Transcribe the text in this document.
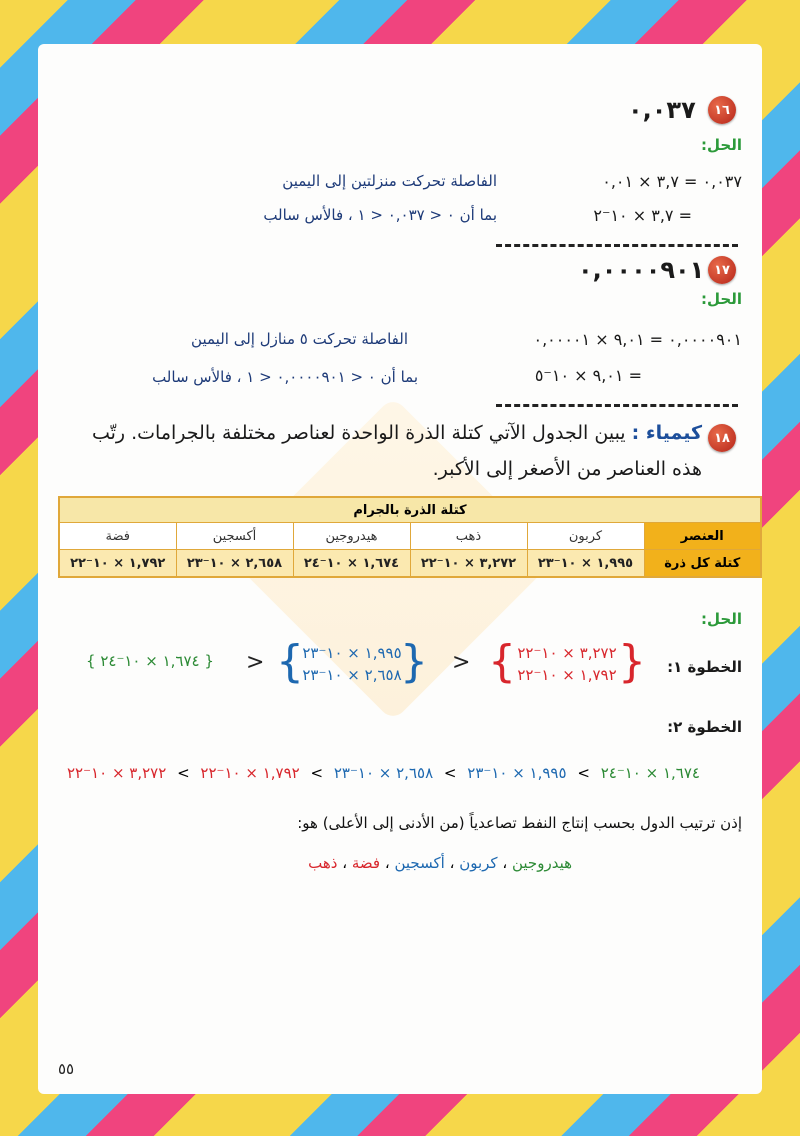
١٦
٠,٠٣٧
الحل:
٠,٠٣٧ = ٣,٧ × ٠,٠١
الفاصلة تحركت منزلتين إلى اليمين
= ٣,٧ × ١٠⁻٢
بما أن ٠ < ٠,٠٣٧ < ١ ، فالأس سالب
١٧
٠,٠٠٠٠٩٠١
الحل:
٠,٠٠٠٠٩٠١ = ٩,٠١ × ٠,٠٠٠٠١
الفاصلة تحركت ٥ منازل إلى اليمين
= ٩,٠١ × ١٠⁻٥
بما أن ٠ < ٠,٠٠٠٠٩٠١ < ١ ، فالأس سالب
١٨
كيمياء : يبين الجدول الآتي كتلة الذرة الواحدة لعناصر مختلفة بالجرامات. رتّب
هذه العناصر من الأصغر إلى الأكبر.
كتلة الذرة بالجرام					
العنصر	كربون	ذهب	هيدروجين	أكسجين	فضة
كتلة كل ذرة	١,٩٩٥ × ١٠⁻٢٣	٣,٢٧٢ × ١٠⁻٢٢	١,٦٧٤ × ١٠⁻٢٤	٢,٦٥٨ × ١٠⁻٢٣	١,٧٩٢ × ١٠⁻٢٢
الحل:
الخطوة ١:
{ ٣,٢٧٢ × ١٠⁻٢٢
١,٧٩٢ × ١٠⁻٢٢ }
>
{
١,٩٩٥ × ١٠⁻٢٣
٢,٦٥٨ × ١٠⁻٢٣
}
>
{ ١,٦٧٤ × ١٠⁻٢٤ }
الخطوة ٢:
١,٦٧٤ × ١٠⁻٢٤ > ١,٩٩٥ × ١٠⁻٢٣ > ٢,٦٥٨ × ١٠⁻٢٣ > ١,٧٩٢ × ١٠⁻٢٢ > ٣,٢٧٢ × ١٠⁻٢٢
إذن ترتيب الدول بحسب إنتاج النفط تصاعدياً (من الأدنى إلى الأعلى) هو:
هيدروجين ، كربون ، أكسجين ، فضة ، ذهب
٥٥
